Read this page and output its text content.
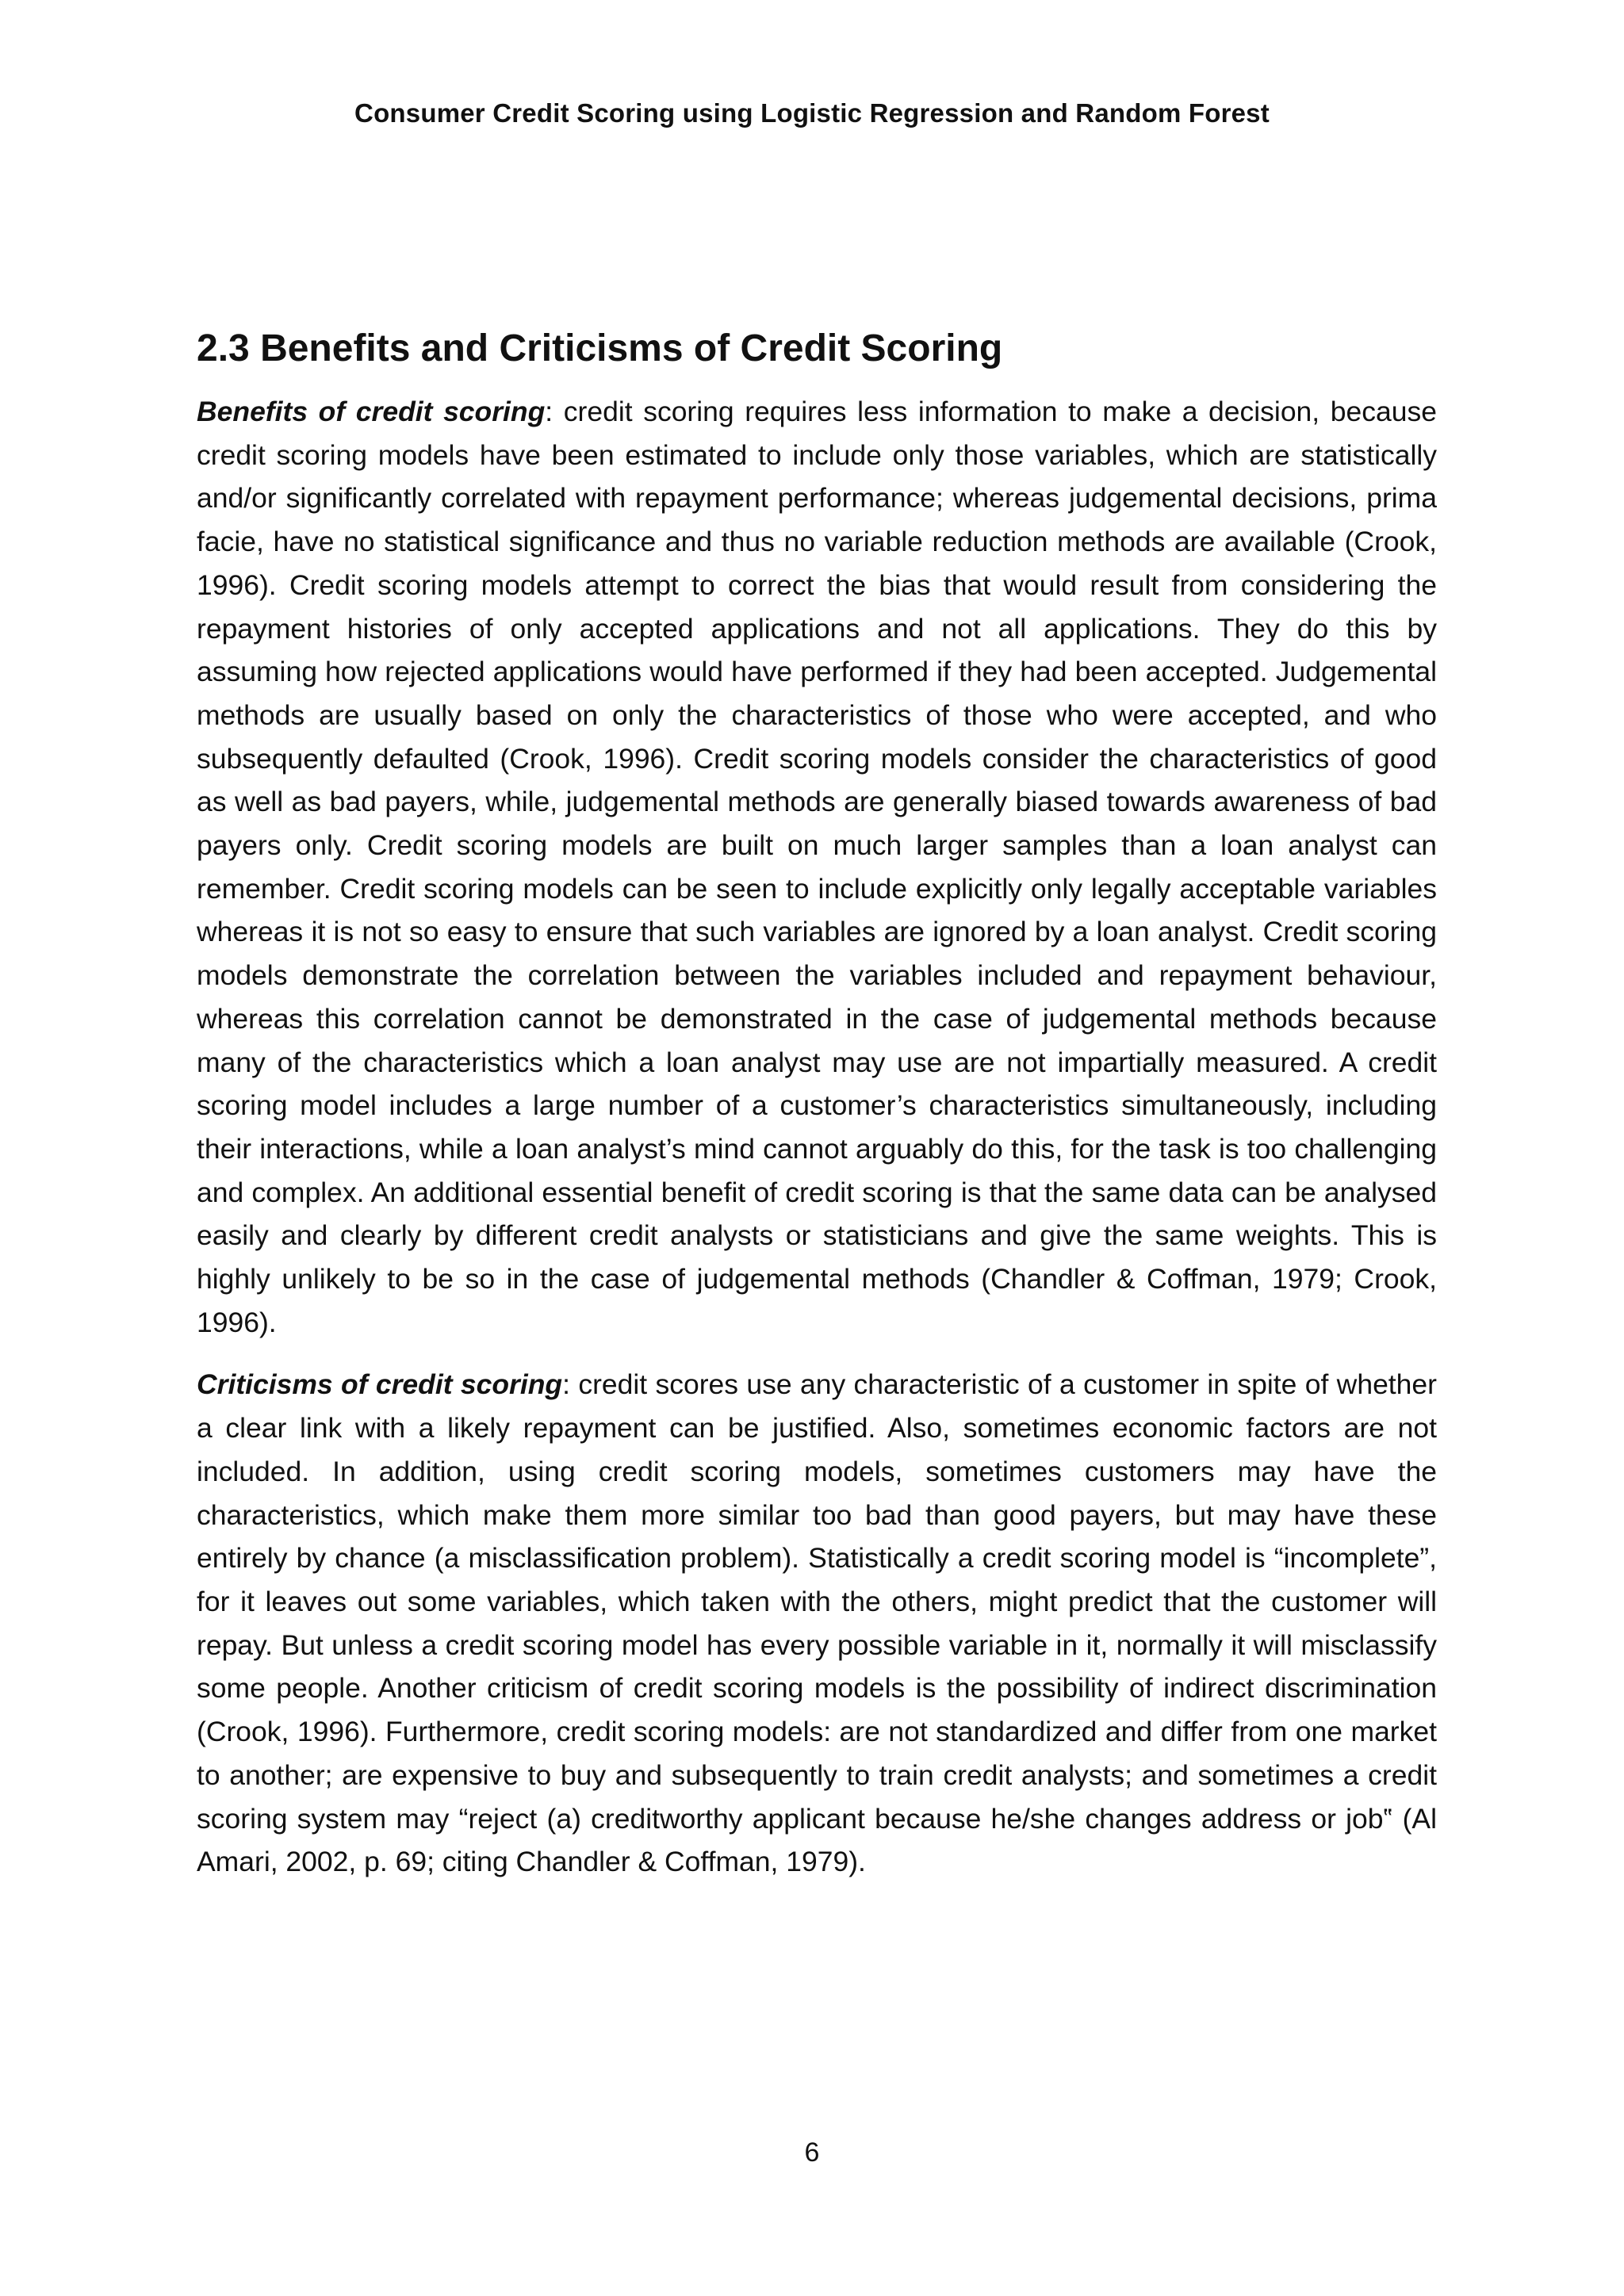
Consumer Credit Scoring using Logistic Regression and Random Forest
2.3 Benefits and Criticisms of Credit Scoring

Benefits of credit scoring: credit scoring requires less information to make a decision, because credit scoring models have been estimated to include only those variables, which are statistically and/or significantly correlated with repayment performance; whereas judgemental decisions, prima facie, have no statistical significance and thus no variable reduction methods are available (Crook, 1996). Credit scoring models attempt to correct the bias that would result from considering the repayment histories of only accepted applications and not all applications. They do this by assuming how rejected applications would have performed if they had been accepted. Judgemental methods are usually based on only the characteristics of those who were accepted, and who subsequently defaulted (Crook, 1996). Credit scoring models consider the characteristics of good as well as bad payers, while, judgemental methods are generally biased towards awareness of bad payers only. Credit scoring models are built on much larger samples than a loan analyst can remember. Credit scoring models can be seen to include explicitly only legally acceptable variables whereas it is not so easy to ensure that such variables are ignored by a loan analyst. Credit scoring models demonstrate the correlation between the variables included and repayment behaviour, whereas this correlation cannot be demonstrated in the case of judgemental methods because many of the characteristics which a loan analyst may use are not impartially measured. A credit scoring model includes a large number of a customer’s characteristics simultaneously, including their interactions, while a loan analyst’s mind cannot arguably do this, for the task is too challenging and complex. An additional essential benefit of credit scoring is that the same data can be analysed easily and clearly by different credit analysts or statisticians and give the same weights. This is highly unlikely to be so in the case of judgemental methods (Chandler & Coffman, 1979; Crook, 1996).

Criticisms of credit scoring: credit scores use any characteristic of a customer in spite of whether a clear link with a likely repayment can be justified. Also, sometimes economic factors are not included. In addition, using credit scoring models, sometimes customers may have the characteristics, which make them more similar too bad than good payers, but may have these entirely by chance (a misclassification problem). Statistically a credit scoring model is “incomplete”, for it leaves out some variables, which taken with the others, might predict that the customer will repay. But unless a credit scoring model has every possible variable in it, normally it will misclassify some people. Another criticism of credit scoring models is the possibility of indirect discrimination (Crook, 1996). Furthermore, credit scoring models: are not standardized and differ from one market to another; are expensive to buy and subsequently to train credit analysts; and sometimes a credit scoring system may “reject (a) creditworthy applicant because he/she changes address or job‟ (Al Amari, 2002, p. 69; citing Chandler & Coffman, 1979).

6
